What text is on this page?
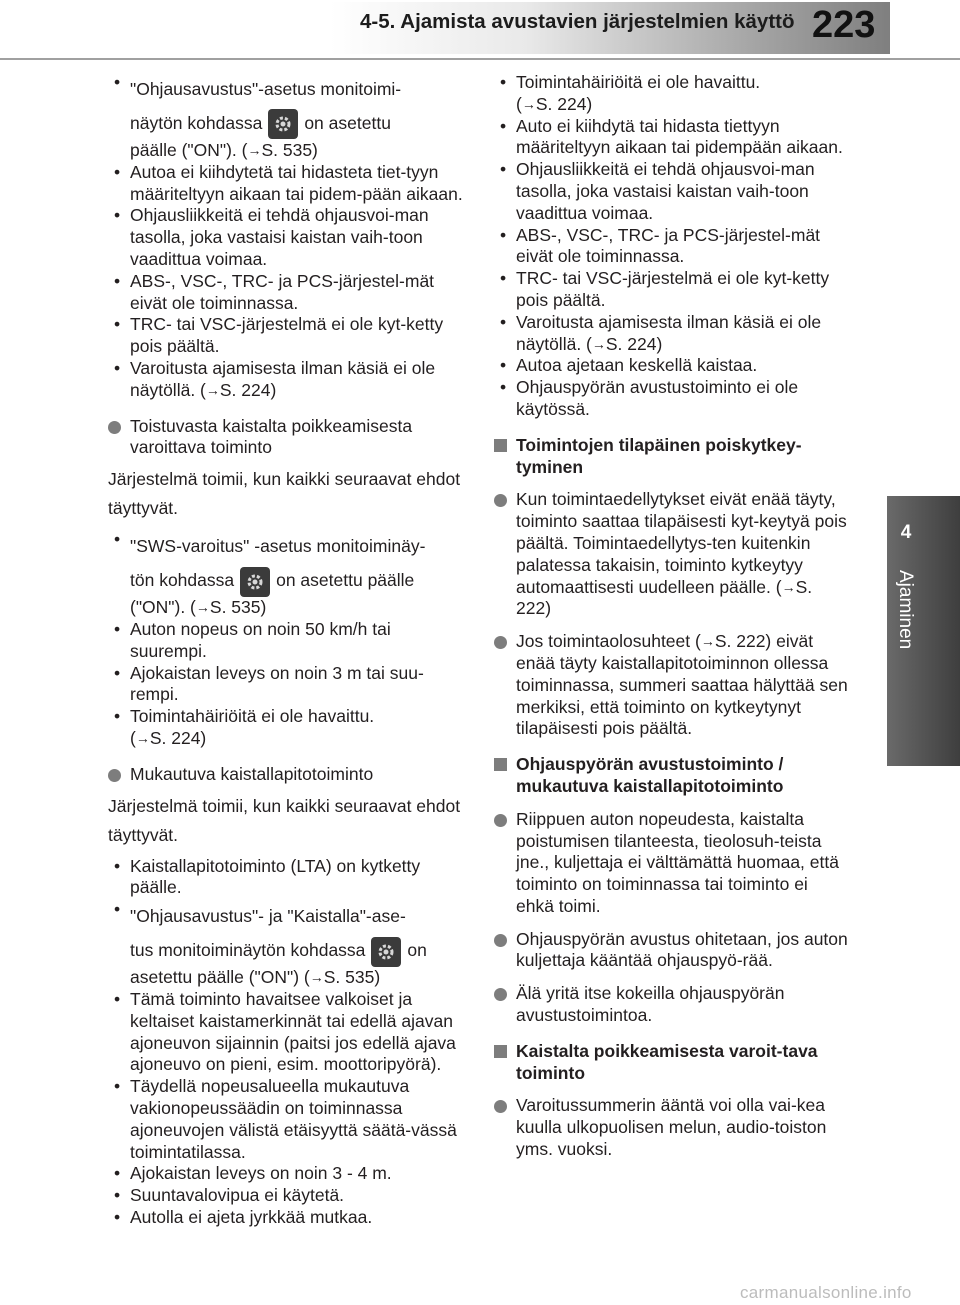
4-5. Ajamista avustavien järjestelmien käyttö 223
4
Ajaminen
• "Ohjausavustus"-asetus monitoimi-
näytön kohdassa on asetettu
päälle ("ON"). (→S. 535)
• Autoa ei kiihdytetä tai hidasteta tiet-tyyn määriteltyyn aikaan tai pidem-pään aikaan.
• Ohjausliikkeitä ei tehdä ohjausvoi-man tasolla, joka vastaisi kaistan vaih-toon vaadittua voimaa.
• ABS-, VSC-, TRC- ja PCS-järjestel-mät eivät ole toiminnassa.
• TRC- tai VSC-järjestelmä ei ole kyt-ketty pois päältä.
• Varoitusta ajamisesta ilman käsiä ei ole näytöllä. (→S. 224)
Toistuvasta kaistalta poikkeamisesta varoittava toiminto
Järjestelmä toimii, kun kaikki seuraavat ehdot täyttyvät.
• "SWS-varoitus" -asetus monitoiminäy-
tön kohdassa on asetettu päälle
("ON"). (→S. 535)
• Auton nopeus on noin 50 km/h tai suurempi.
• Ajokaistan leveys on noin 3 m tai suu-rempi.
• Toimintahäiriöitä ei ole havaittu.
(→S. 224)
Mukautuva kaistallapitotoiminto
Järjestelmä toimii, kun kaikki seuraavat ehdot täyttyvät.
• Kaistallapitotoiminto (LTA) on kytketty päälle.
• "Ohjausavustus"- ja "Kaistalla"-ase-
tus monitoiminäytön kohdassa on
asetettu päälle ("ON") (→S. 535)
• Tämä toiminto havaitsee valkoiset ja keltaiset kaistamerkinnät tai edellä ajavan ajoneuvon sijainnin (paitsi jos edellä ajava ajoneuvo on pieni, esim. moottoripyörä).
• Täydellä nopeusalueella mukautuva vakionopeussäädin on toiminnassa ajoneuvojen välistä etäisyyttä säätä-vässä toimintatilassa.
• Ajokaistan leveys on noin 3 - 4 m.
• Suuntavalovipua ei käytetä.
• Autolla ei ajeta jyrkkää mutkaa.
• Toimintahäiriöitä ei ole havaittu.
(→S. 224)
• Auto ei kiihdytä tai hidasta tiettyyn määriteltyyn aikaan tai pidempään aikaan.
• Ohjausliikkeitä ei tehdä ohjausvoi-man tasolla, joka vastaisi kaistan vaih-toon vaadittua voimaa.
• ABS-, VSC-, TRC- ja PCS-järjestel-mät eivät ole toiminnassa.
• TRC- tai VSC-järjestelmä ei ole kyt-ketty pois päältä.
• Varoitusta ajamisesta ilman käsiä ei ole näytöllä. (→S. 224)
• Autoa ajetaan keskellä kaistaa.
• Ohjauspyörän avustustoiminto ei ole käytössä.
Toimintojen tilapäinen poiskytkey-tyminen
Kun toimintaedellytykset eivät enää täyty, toiminto saattaa tilapäisesti kyt-keytyä pois päältä. Toimintaedellytys-ten kuitenkin palatessa takaisin, toiminto kytkeytyy automaattisesti uudelleen päälle. (→S. 222)
Jos toimintaolosuhteet (→S. 222) eivät enää täyty kaistallapitotoiminnon ollessa toiminnassa, summeri saattaa hälyttää sen merkiksi, että toiminto on kytkeytynyt tilapäisesti pois päältä.
Ohjauspyörän avustustoiminto / mukautuva kaistallapitotoiminto
Riippuen auton nopeudesta, kaistalta poistumisen tilanteesta, tieolosuh-teista jne., kuljettaja ei välttämättä huomaa, että toiminto on toiminnassa tai toiminto ei ehkä toimi.
Ohjauspyörän avustus ohitetaan, jos auton kuljettaja kääntää ohjauspyö-rää.
Älä yritä itse kokeilla ohjauspyörän avustustoimintoa.
Kaistalta poikkeamisesta varoit-tava toiminto
Varoitussummerin ääntä voi olla vai-kea kuulla ulkopuolisen melun, audio-toiston yms. vuoksi.
carmanualsonline.info
